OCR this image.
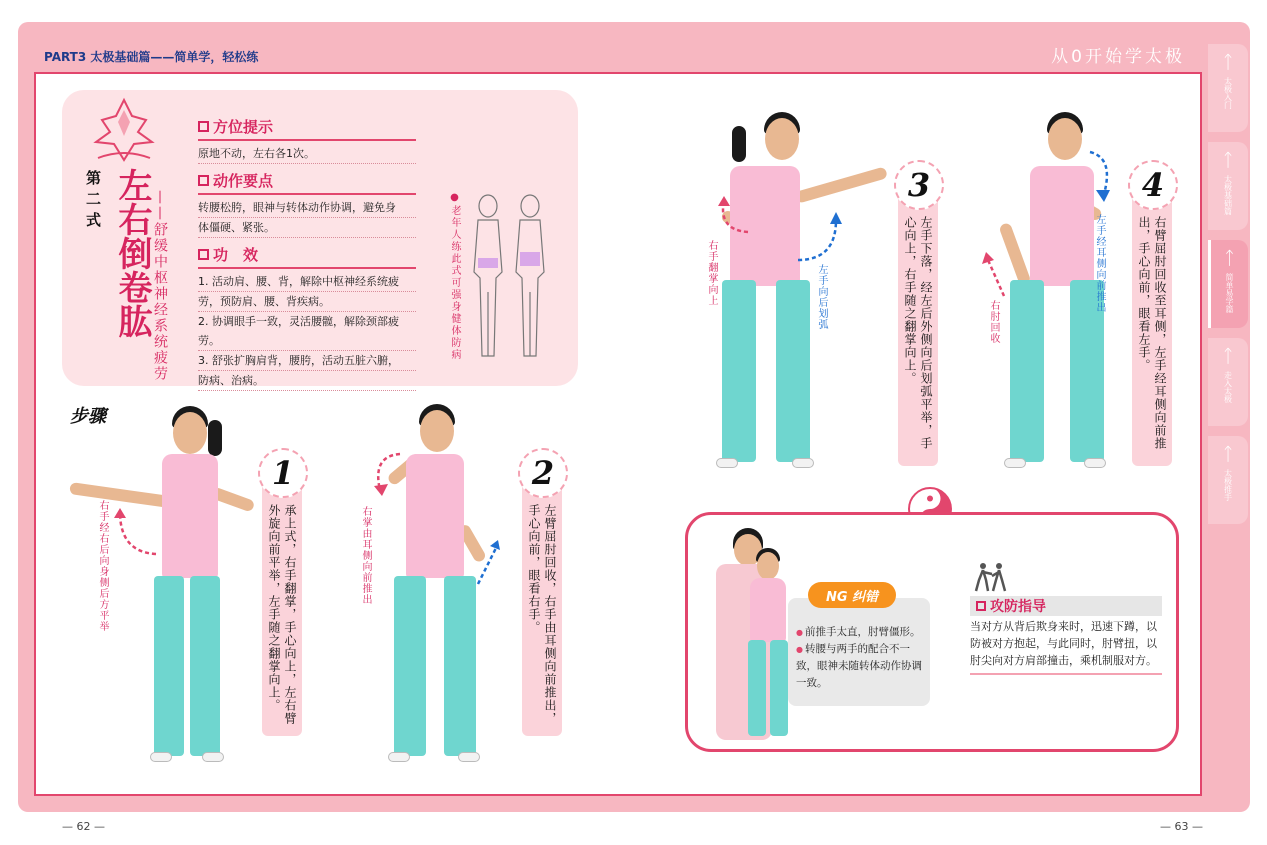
PART3 太极基础篇——简单学，轻松练	从0开始学太极 ᛏ
太极入门
ᛏ
太极基础篇
ᛏ
简单易学篇
ᛏ
走入太极
ᛏ
太极推手
第二式 左右倒卷肱 ——舒缓中枢神经系统疲劳
方位提示
原地不动，左右各1次。
动作要点
转腰松胯，眼神与转体动作协调，避免身
体僵硬、紧张。
功　效
1. 活动肩、腰、背，解除中枢神经系统疲
劳，预防肩、腰、背疾病。
2. 协调眼手一致，灵活腰髋，解除颈部疲劳。
3. 舒张扩胸肩背，腰胯，活动五脏六腑，
防病、治病。
●老年人练此式可强身健体防病
步骤
右手经右后向身侧后方平举
1
承上式，右手翻掌，手心向上，左右臂外旋向前平举，左手随之翻掌向上。	右掌由耳侧向前推出
2
左臂屈肘回收，右手由耳侧向前推出，手心向前，眼看右手。
左手向后划弧
右手翻掌向上
3
左手下落，经左后外侧向后划弧平举，手心向上，右手随之翻掌向上。	左手经耳侧向前推出
右肘回收
4
右臂屈肘回收至耳侧，左手经耳侧向前推出，手心向前，眼看左手。
NG 纠错
● 前推手太直，肘臂僵形。
● 转腰与两手的配合不一致，眼神未随转体动作协调一致。
攻防指导
当对方从背后欺身来时，迅速下蹲，以防被对方抱起，与此同时，肘臂扭，以肘尖向对方肩部撞击，乘机制服对方。
— 62 —	— 63 —
